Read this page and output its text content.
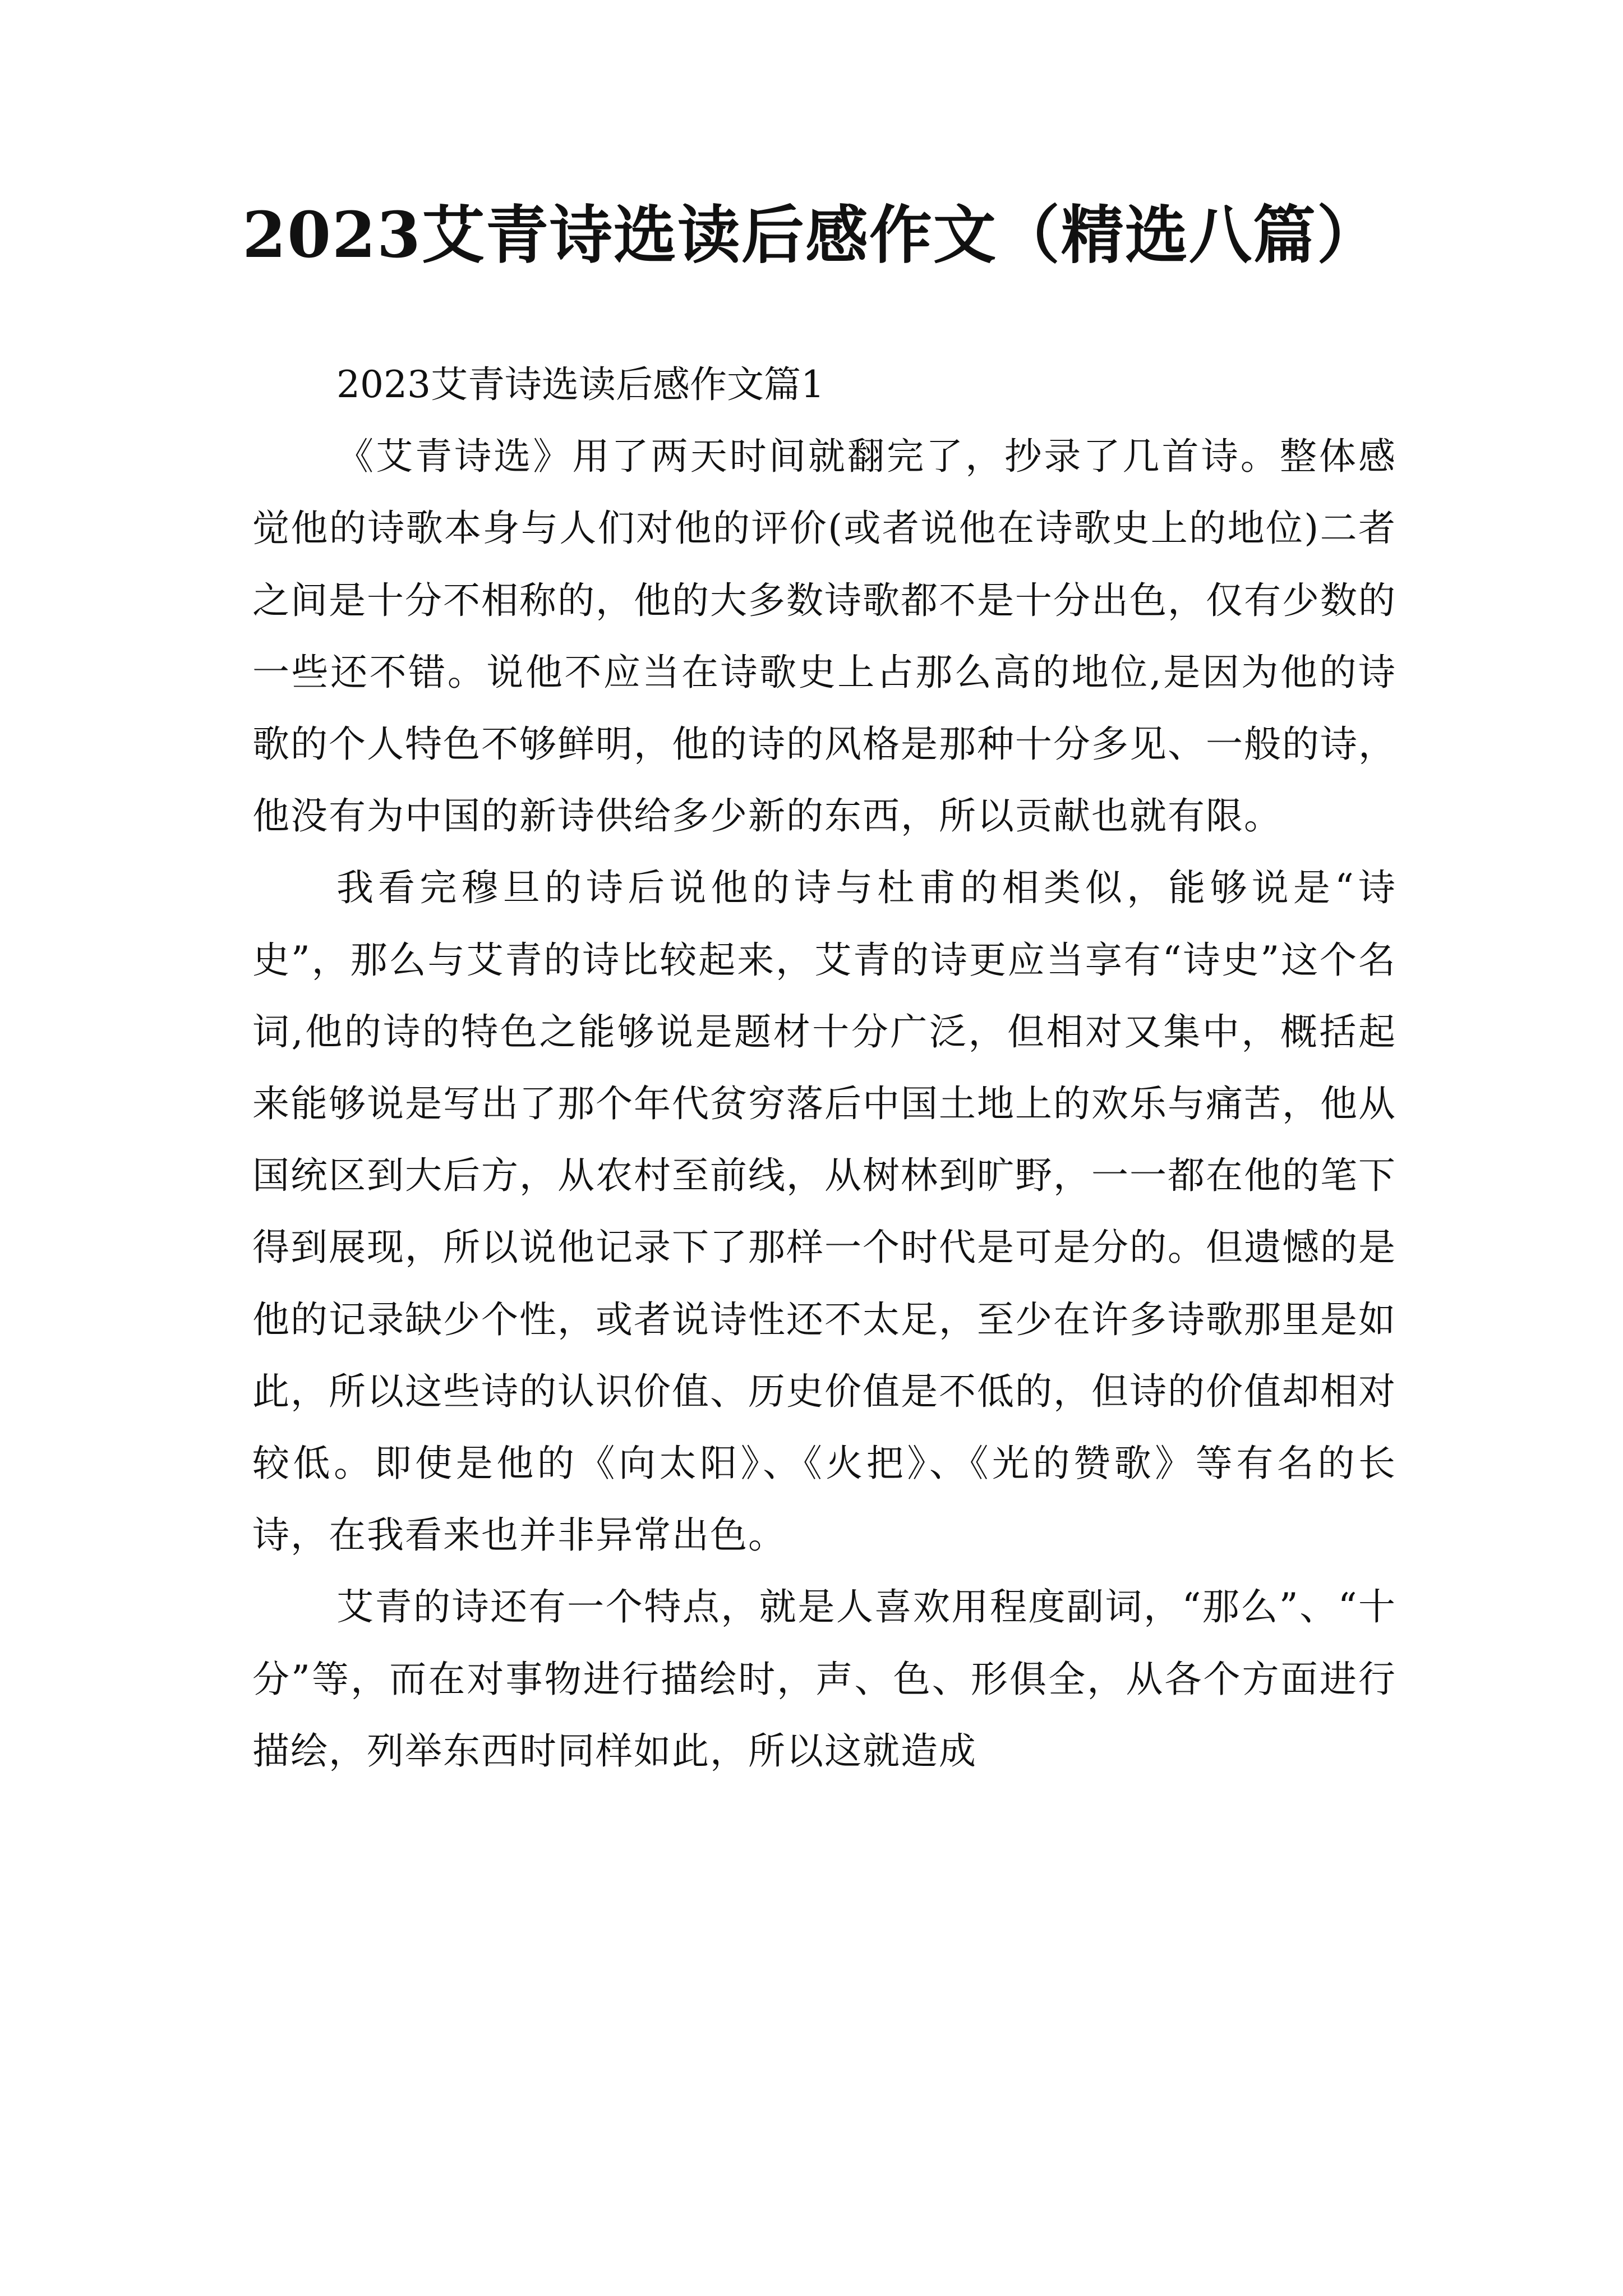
2023艾青诗选读后感作文（精选八篇）

2023艾青诗选读后感作文篇1

《艾青诗选》用了两天时间就翻完了，抄录了几首诗。整体感觉他的诗歌本身与人们对他的评价(或者说他在诗歌史上的地位)二者之间是十分不相称的，他的大多数诗歌都不是十分出色，仅有少数的一些还不错。说他不应当在诗歌史上占那么高的地位,是因为他的诗歌的个人特色不够鲜明，他的诗的风格是那种十分多见、一般的诗，他没有为中国的新诗供给多少新的东西，所以贡献也就有限。

我看完穆旦的诗后说他的诗与杜甫的相类似，能够说是“诗史”，那么与艾青的诗比较起来，艾青的诗更应当享有“诗史”这个名词,他的诗的特色之能够说是题材十分广泛，但相对又集中，概括起来能够说是写出了那个年代贫穷落后中国土地上的欢乐与痛苦，他从国统区到大后方，从农村至前线，从树林到旷野，一一都在他的笔下得到展现，所以说他记录下了那样一个时代是可是分的。但遗憾的是他的记录缺少个性，或者说诗性还不太足，至少在许多诗歌那里是如此，所以这些诗的认识价值、历史价值是不低的，但诗的价值却相对较低。即使是他的《向太阳》、《火把》、《光的赞歌》等有名的长诗，在我看来也并非异常出色。

艾青的诗还有一个特点，就是人喜欢用程度副词，“那么”、“十分”等，而在对事物进行描绘时，声、色、形俱全，从各个方面进行描绘，列举东西时同样如此，所以这就造成
